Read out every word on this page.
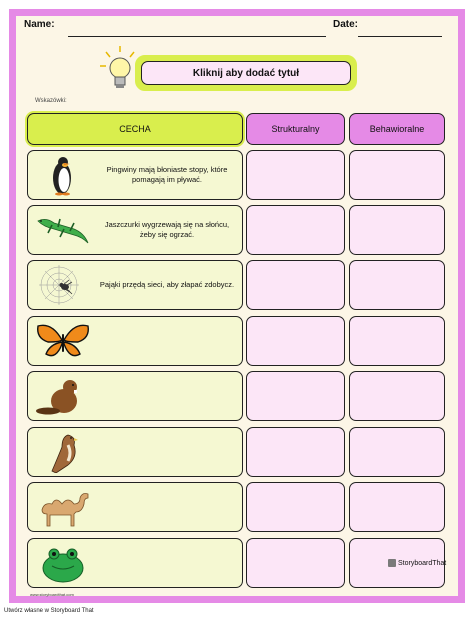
Name:	Date:
Kliknij aby dodać tytuł
Wskazówki:
CECHA	Strukturalny	Behawioralne
Pingwiny mają błoniaste stopy, które pomagają im pływać.
Jaszczurki wygrzewają się na słońcu, żeby się ogrzać.
Pająki przędą sieci, aby złapać zdobycz.
StoryboardThat
www.storyboardthat.com
Utwórz własne w Storyboard That
